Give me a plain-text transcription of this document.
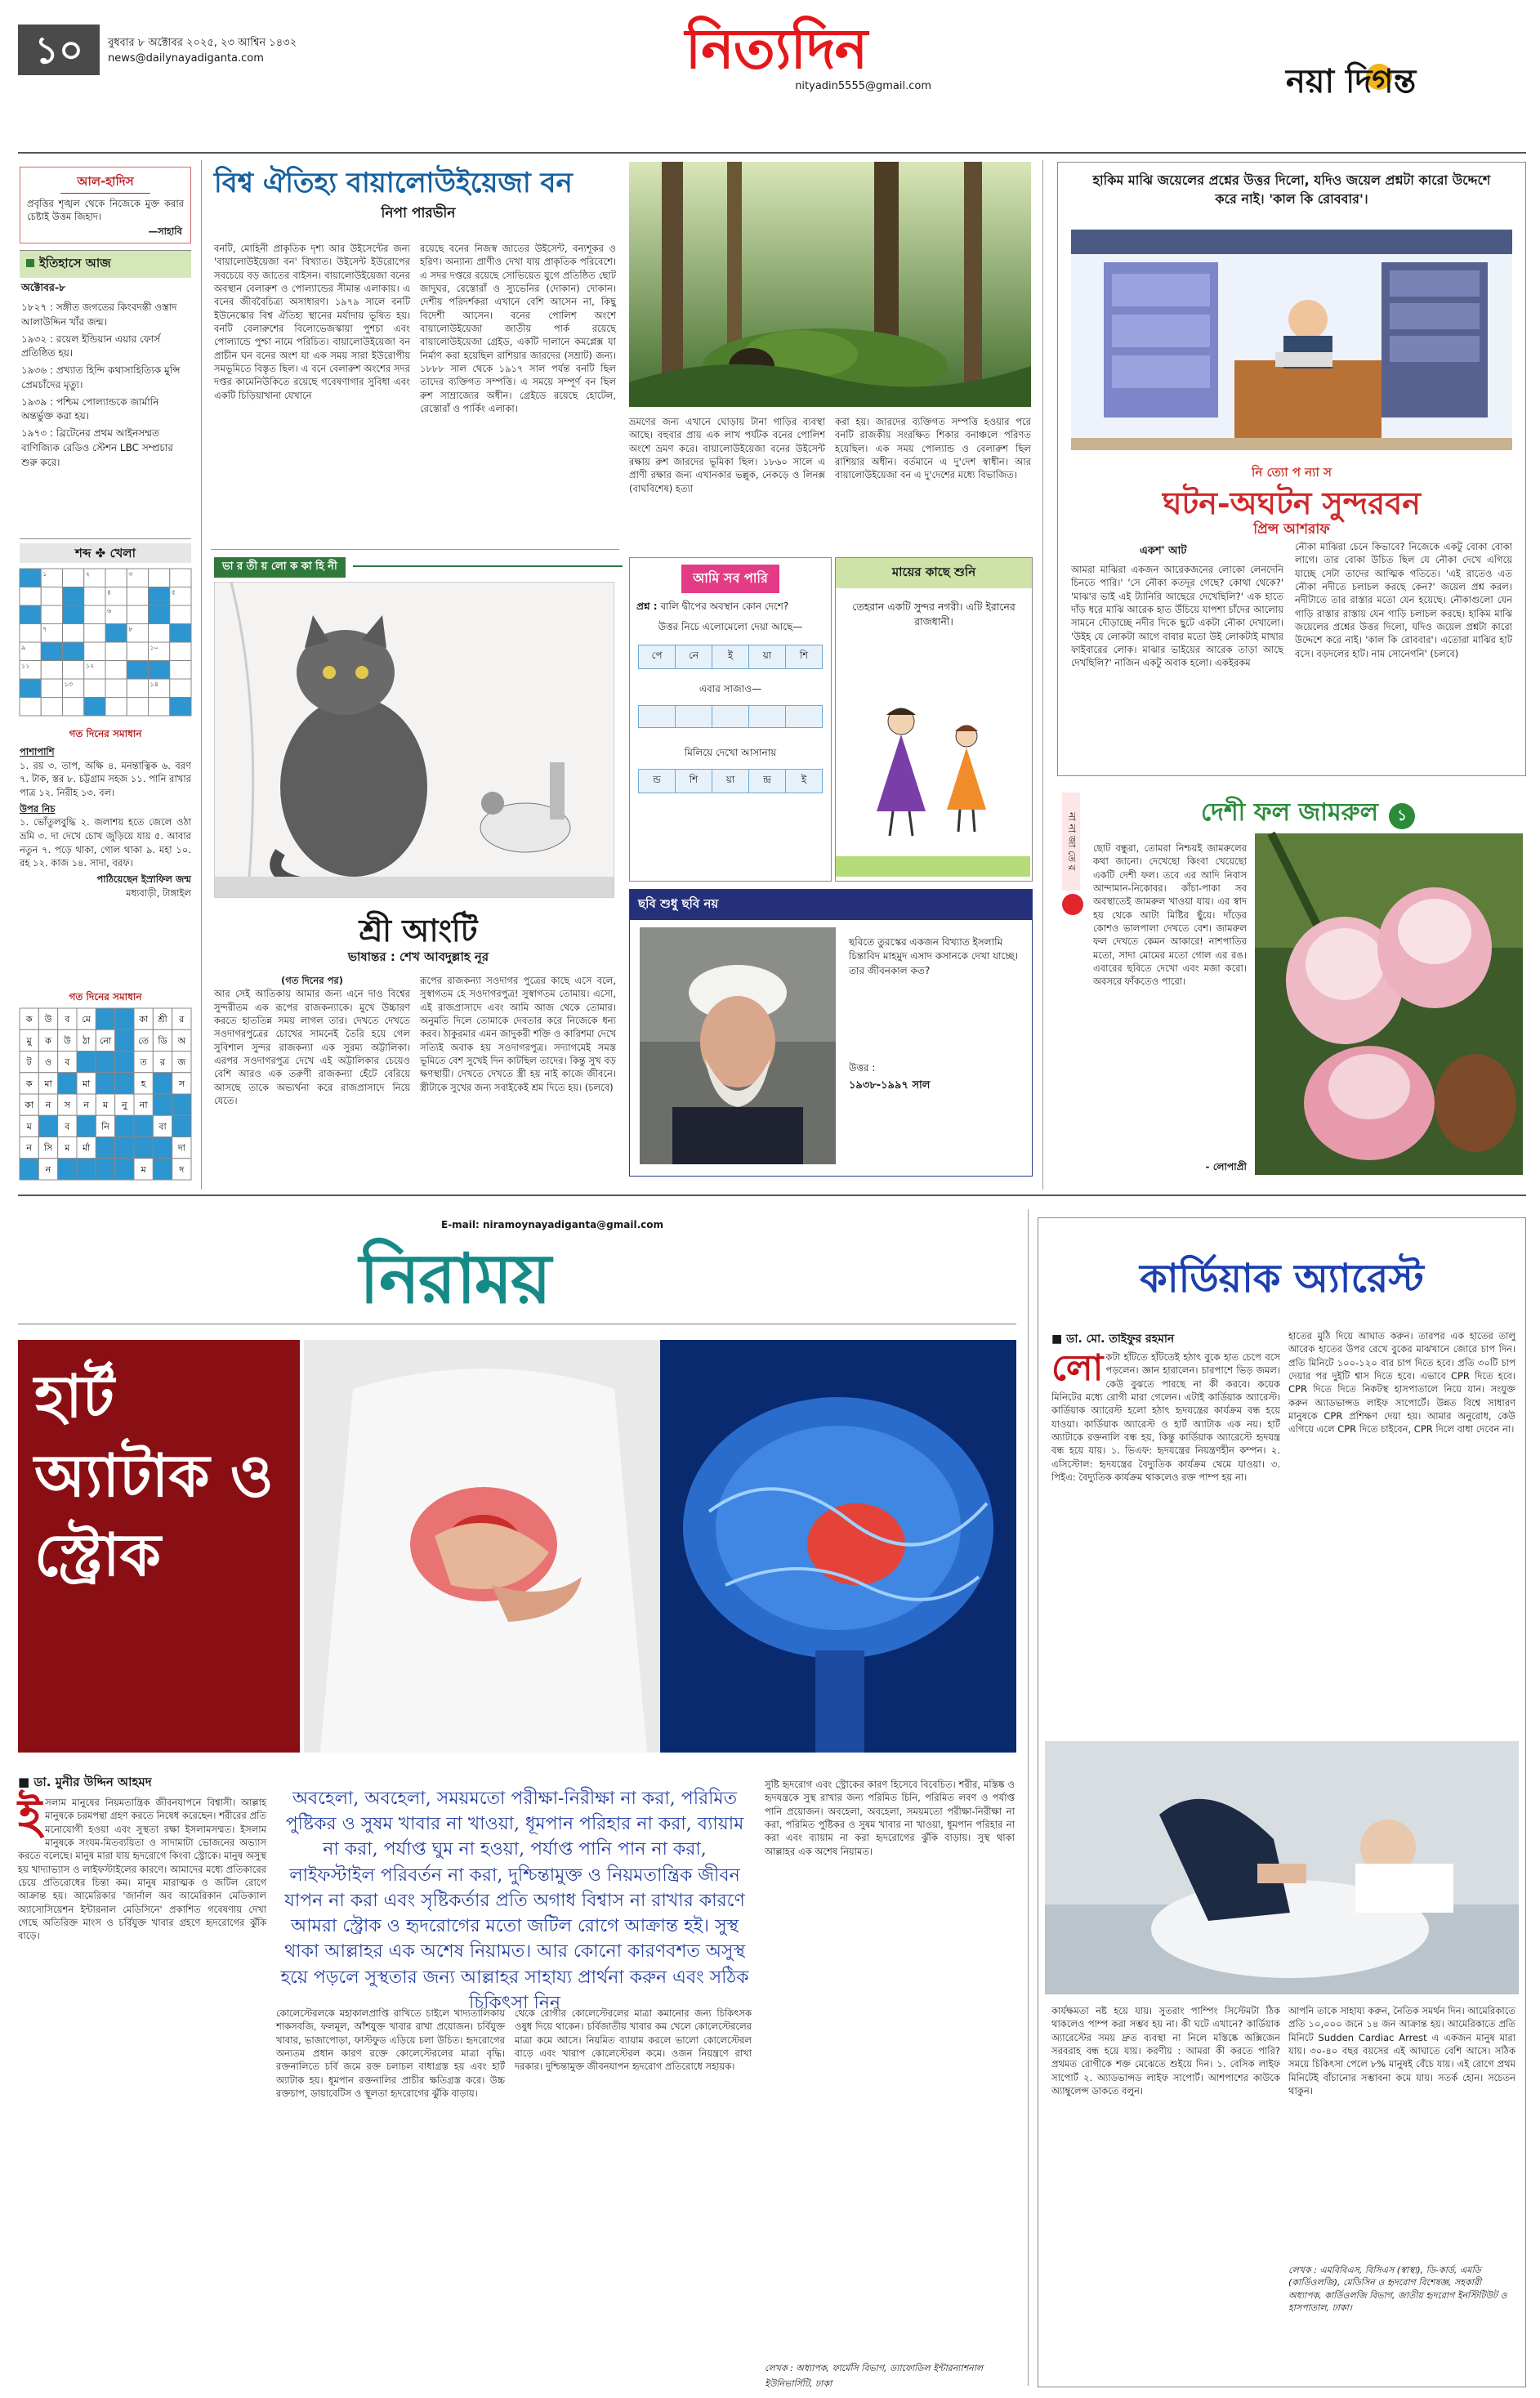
১০	বুধবার ৮ অক্টোবর ২০২৫, ২৩ আশ্বিন ১৪৩২
news@dailynayadiganta.com	নিত্যদিন
nityadin5555@gmail.com	নয়া দিগন্ত
আল-হাদিস
প্রবৃত্তির শৃঙ্খল থেকে নিজেকে মুক্ত করার চেষ্টাই উত্তম জিহাদ।
—সাহাবি
ইতিহাসে আজ
অক্টোবর-৮
১৮২৭ : সঙ্গীত জগতের কিংবদন্তী ওস্তাদ আলাউদ্দিন খাঁর জন্ম।
১৯৩২ : রয়েল ইন্ডিয়ান এয়ার ফোর্স প্রতিষ্ঠিত হয়।
১৯৩৬ : প্রখ্যাত হিন্দি কথাসাহিত্যিক মুন্সি প্রেমচাঁদের মৃত্যু।
১৯৩৯ : পশ্চিম পোল্যান্ডকে জার্মানি অন্তর্ভুক্ত করা হয়।
১৯৭৩ : ব্রিটেনের প্রথম আইনসম্মত বাণিজ্যিক রেডিও স্টেশন LBC সম্প্রচার শুরু করে।
শব্দ ✤ খেলা
১	২	৩
৪	৫
৬
৭	৮
৯	১০
১১	১২
১৩	১৪
গত দিনের সমাধান
পাশাপাশি
১. রয় ৩. তাপ, অক্ষি ৪. মনন্তাত্বিক ৬. বরণ ৭. টাক, স্তর ৮. চট্টগ্রাম সহজ ১১. পানি রাখার পাত্র ১২. নিরীহ ১৩. বল।
উপর নিচ
১. ভোঁতুলবুদ্ধি ২. জলাশয় হতে জেলে ওঠা ভ্রমি ৩. দা দেখে চোখ জুড়িয়ে যায় ৫. আবার নতুন ৭. পড়ে থাকা, গোল থাকা ৯. মহা ১০. রহ ১২. কাজ ১৪. সাদা, বরফ।
পাঠিয়েছেন ইস্রাফিল জন্ম
মধ্যবাড়ী, টাঙ্গাইল
গত দিনের সমাধান
ক উ ব মে	কা শ্রী র
মু ক উ ঠা নো	তে ডি অ
ট ও ব	ত র জ
ক মা	মা	হ	স
কা ন স ন ম নু না
ম	ব	নি	বা
ন সি ম র্মা	দা
ন	ম	দ
বিশ্ব ঐতিহ্য বায়ালোউইয়েজা বন
নিপা পারভীন
বনটি, মোহিনী প্রাকৃতিক দৃশ্য আর উইসেন্টের জন্য 'বায়ালোউইয়েজা বন' বিখ্যাত। উইসেন্ট ইউরোপের সবচেয়ে বড় জাতের বাইসন। বায়ালোউইয়েজা বনের অবস্থান বেলারুশ ও পোল্যান্ডের সীমান্ত এলাকায়। এ বনের জীববৈচিত্র্য অসাধারণ। ১৯৭৯ সালে বনটি ইউনেস্কোর বিশ্ব ঐতিহ্য স্থানের মর্যাদায় ভূষিত হয়। বনটি বেলারুশের বিলোভেজস্কায়া পুশচা এবং পোল্যান্ডে পুশ্চা নামে পরিচিত। বায়ালোউইয়েজা বন প্রাচীন ঘন বনের অংশ যা এক সময় সারা ইউরোপীয় সমভূমিতে বিস্তৃত ছিল। এ বনে বেলারুশ অংশের সদর দপ্তর কামেনিউকিতে রয়েছে গবেষণাগার সুবিধা এবং একটি চিড়িয়াখানা যেখানে
রয়েছে বনের নিজস্ব জাতের উইসেন্ট, বন্যশূকর ও হরিণ। অন্যান্য প্রাণীও দেখা যায় প্রাকৃতিক পরিবেশে। এ সদর দপ্তরে রয়েছে সোভিয়েত যুগে প্রতিষ্ঠিত ছোট জাদুঘর, রেস্তোরাঁ ও স্যুভেনির (দোকান) দোকান। দেশীয় পরিদর্শকরা এখানে বেশি আসেন না, কিছু বিদেশী আসেন। বনের পোলিশ অংশে বায়ালোউইয়েজা জাতীয় পার্ক রয়েছে বায়ালোউইয়েজা গ্রেইড, একটি দালানে কমপ্লেক্স যা নির্মাণ করা হয়েছিল রাশিয়ার জারদের (সম্রাট) জন্য। ১৮৮৮ সাল থেকে ১৯১৭ সাল পর্যন্ত বনটি ছিল তাদের ব্যক্তিগত সম্পত্তি। এ সময়ে সম্পূর্ণ বন ছিল রুশ সাম্রাজ্যের অধীন। গ্রেইডে রয়েছে হোটেল, রেস্তোরাঁ ও পার্কিং এলাকা।
ভ্রমণের জন্য এখানে ঘোড়ায় টানা গাড়ির ব্যবস্থা আছে। বহুবার প্রায় এক লাখ পর্যটক বনের পোলিশ অংশে ভ্রমণ করে। বায়ালোউইয়েজা বনের উইসেন্ট রক্ষায় রুশ জারদের ভূমিকা ছিল। ১৮৬০ সালে এ প্রাণী রক্ষার জন্য এখানকার ভল্লুক, নেকড়ে ও লিনক্স (বাঘবিশেষ) হত্যা
করা হয়। জারদের ব্যক্তিগত সম্পত্তি হওয়ার পরে বনটি রাজকীয় সংরক্ষিত শিকার বনাঞ্চলে পরিণত হয়েছিল। এক সময় পোল্যান্ড ও বেলারুশ ছিল রাশিয়ার অধীন। বর্তমানে এ দু'দেশ স্বাধীন। আর বায়ালোউইয়েজা বন এ দু'দেশের মধ্যে বিভাজিত।
ভা র তী য় লো ক কা হি নী
শ্রী আংটি
ভাষান্তর : শেখ আবদুল্লাহ নূর
(গত দিনের পর)
আর সেই আতিকায় আমার জন্য এনে দাও বিশ্বের সুন্দরীতম এক রূপের রাজকন্যাকে। মুখে উচ্চারণ করতে হাততিন্ন সময় লাগল তার। দেখতে দেখতে সওদাগরপুত্রের চোখের সামনেই তৈরি হয়ে গেল সুবিশাল সুন্দর রাজকন্যা এক সুরম্য অট্টালিকা। এরপর সওদাগরপুত্র দেখে এই অট্টালিকার চেয়েও বেশি আরও এক তরুণী রাজকন্যা হেঁটে বেরিয়ে আসছে তাকে অভ্যর্থনা করে রাজপ্রাসাদে নিয়ে যেতে।
রূপের রাজকন্যা সওদাগর পুত্রের কাছে এসে বলে, সুস্বাগতম হে সওদাগরপুত্র! সুস্বাগতম তোমায়। এসো, এই রাজপ্রাসাদে এবং আমি আজ থেকে তোমার। অনুমতি দিলে তোমাকে দেবতার করে নিজেকে ধন্য করব। ঠাকুরমার এমন জাদুকরী শক্তি ও কারিশমা দেখে সত্যিই অবাক হয় সওদাগরপুত্র। সদ্যাগমেই সমস্ত ভূমিতে বেশ সুখেই দিন কাটছিল তাদের। কিন্তু সুখ বড় ক্ষণস্থায়ী। দেখতে দেখতে স্ত্রী হয় নাই কাজে জীবনে। স্ত্রীটাকে সুখের জন্য সবাইকেই শ্রম দিতে হয়। (চলবে)
আমি সব পারি
প্রশ্ন : বালি দ্বীপের অবস্থান কোন দেশে?
উত্তর নিচে এলোমেলো দেয়া আছে—
পে	নে	ই	য়া	শি
এবার সাজাও—
মিলিয়ে দেখো আসানায়
ন্ড	শি	য়া	ন্দ্র	ই
মায়ের কাছে শুনি
তেহরান একটি সুন্দর নগরী। এটি ইরানের রাজধানী।
ছবি শুধু ছবি নয়
ছবিতে তুরস্কের একজন বিখ্যাত ইসলামি চিন্তাবিদ মাহমুদ এসাদ কসানকে দেখা যাচ্ছে। তার জীবনকাল কত?
উত্তর :
১৯৩৮-১৯৯৭ সাল
হাকিম মাঝি জয়েলের প্রশ্নের উত্তর দিলো, যদিও জয়েল প্রশ্নটা কারো উদ্দেশে করে নাই। 'কাল কি রোববার'।
নি ত্যো প ন্যা স
ঘটন-অঘটন সুন্দরবন
প্রিন্স আশরাফ
একশ' আট
আমরা মাঝিরা একজন আরেকজনের লোকো লেনদেনি চিনতে পারি।' 'সে নৌকা কতদূর গেছে? কোথা থেকে?' 'মাঝ'র ভাই এই ট্যানিরি আছেরে দেখেছিলি?' এক হাতে দাঁড় ধরে মাঝি আরেক হাত উঁচিয়ে যাপশা চাঁদের আলোয় সামনে দৌড়াচ্ছে নদীর দিকে ছুটে একটা নৌকা দেখালো। 'উইহ যে লোকটা আগে বাবার মতো উই লোকটাই মাখার ফাইবারের লোক। মাঝার ভাইয়ের আরেক তাড়া আছে দেখছিলি?' নাজিন একটু অবাক হলো। একইরকম
নৌকা মাঝিরা চেনে কিভাবে? নিজেকে একটু বোকা বোকা লাগে। তার বোকা উচিত ছিল যে নৌকা দেখে এগিয়ে যাচ্ছে সেটা তাদের আত্মিক গতিতে। 'এই রাতেও এত নৌকা নদীতে চলাচল করছে কেন?' জয়েল প্রশ্ন করল। নদীটাতে তার রাস্তার মতো যেন হয়েছে। নৌকাগুলো যেন গাড়ি রাস্তার রাস্তায় যেন গাড়ি চলাচল করছে। হাকিম মাঝি জয়েলের প্রশ্নের উত্তর দিলো, যদিও জয়েল প্রশ্নটা কারো উদ্দেশে করে নাই। 'কাল কি রোববার'। এতোরা মাঝির হাট বসে। বড়দলের হাট। নাম সোনেগনি' (চলবে)
না না জা তে র	দেশী ফল জামরুল ১
ছোট বন্ধুরা, তোমরা নিশ্চয়ই জামরুলের কথা জানো। দেখেছো কিংবা খেয়েছো একটি দেশী ফল। তবে এর আদি নিবাস আন্দামান-নিকোবর। কাঁচা-পাকা সব অবস্থাতেই জামরুল খাওয়া যায়। এর স্বাদ হয় থেকে আটা মিষ্টির ছুঁয়ে। দাঁড়ের কোশও ভালপালা দেখতে বেশ। জামরুল ফল দেখতে কেমন আকারে! নাশপাতির মতো, সাদা মোমের মতো গোল এর রঙ। এবারের ছবিতে দেখো এবং মজা করো। অবসরে ফাঁকতেও পারো।
- লোপাপ্রী
E-mail: niramoynayadiganta@gmail.com
নিরাময়
হার্ট অ্যাটাক ও স্ট্রোক
■ ডা. মুনীর উদ্দিন আহমদ
অবহেলা, অবহেলা, সময়মতো পরীক্ষা-নিরীক্ষা না করা, পরিমিত পুষ্টিকর ও সুষম খাবার না খাওয়া, ধূমপান পরিহার না করা, ব্যায়াম না করা, পর্যাপ্ত ঘুম না হওয়া, পর্যাপ্ত পানি পান না করা, লাইফস্টাইল পরিবর্তন না করা, দুশ্চিন্তামুক্ত ও নিয়মতান্ত্রিক জীবন যাপন না করা এবং সৃষ্টিকর্তার প্রতি অগাধ বিশ্বাস না রাখার কারণে আমরা স্ট্রোক ও হৃদরোগের মতো জটিল রোগে আক্রান্ত হই। সুস্থ থাকা আল্লাহর এক অশেষ নিয়ামত। আর কোনো কারণবশত অসুস্থ হয়ে পড়লে সুস্থতার জন্য আল্লাহর সাহায্য প্রার্থনা করুন এবং সঠিক চিকিৎসা নিন
ই সলাম মানুষের নিয়মতান্ত্রিক জীবনযাপনে বিশ্বাসী। আল্লাহ মানুষকে চরমপন্থা গ্রহণ করতে নিষেধ করেছেন। শরীরের প্রতি মনোযোগী হওয়া এবং সুস্থতা রক্ষা ইসলামসম্মত। ইসলাম মানুষকে সংযম-মিতব্যয়িতা ও সাদামাটা ভোজনের অভ্যাস করতে বলেছে। মানুষ মারা যায় হৃদরোগে কিংবা স্ট্রোকে। মানুষ অসুস্থ হয় খাদ্যাভ্যাস ও লাইফস্টাইলের কারণে। আমাদের মধ্যে প্রতিকারের চেয়ে প্রতিরোধের চিন্তা কম। মানুষ মারাত্মক ও জটিল রোগে আক্রান্ত হয়। আমেরিকার 'জার্নাল অব আমেরিকান মেডিক্যাল অ্যাসোসিয়েশন ইন্টারনাল মেডিসিনে' প্রকাশিত গবেষণায় দেখা গেছে অতিরিক্ত মাংস ও চর্বিযুক্ত খাবার গ্রহণে হৃদরোগের ঝুঁকি বাড়ে।
কোলেস্টেরলকে মহাকালপ্রাপ্তি রাখিতে চাইলে খাদ্যতালিকায় শাকসবজি, ফলমূল, আঁশযুক্ত খাবার রাখা প্রয়োজন। চর্বিযুক্ত খাবার, ভাজাপোড়া, ফাস্টফুড এড়িয়ে চলা উচিত। হৃদরোগের অন্যতম প্রধান কারণ রক্তে কোলেস্টেরলের মাত্রা বৃদ্ধি। রক্তনালিতে চর্বি জমে রক্ত চলাচল বাধাগ্রস্ত হয় এবং হার্ট অ্যাটাক হয়। ধূমপান রক্তনালির প্রাচীর ক্ষতিগ্রস্ত করে। উচ্চ রক্তচাপ, ডায়াবেটিস ও স্থূলতা হৃদরোগের ঝুঁকি বাড়ায়।
থেকে রোগীর কোলেস্টেরলের মাত্রা কমানোর জন্য চিকিৎসক ওষুধ দিয়ে থাকেন। চর্বিজাতীয় খাবার কম খেলে কোলেস্টেরলের মাত্রা কমে আসে। নিয়মিত ব্যায়াম করলে ভালো কোলেস্টেরল বাড়ে এবং খারাপ কোলেস্টেরল কমে। ওজন নিয়ন্ত্রণে রাখা দরকার। দুশ্চিন্তামুক্ত জীবনযাপন হৃদরোগ প্রতিরোধে সহায়ক।
সুষ্টি হৃদরোগ এবং স্ট্রোকের কারণ হিসেবে বিবেচিত। শরীর, মস্তিষ্ক ও হৃদযন্ত্রকে সুস্থ রাখার জন্য পরিমিত চিনি, পরিমিত লবণ ও পর্যাপ্ত পানি প্রয়োজন। অবহেলা, অবহেলা, সময়মতো পরীক্ষা-নিরীক্ষা না করা, পরিমিত পুষ্টিকর ও সুষম খাবার না খাওয়া, ধূমপান পরিহার না করা এবং ব্যায়াম না করা হৃদরোগের ঝুঁকি বাড়ায়। সুস্থ থাকা আল্লাহর এক অশেষ নিয়ামত।
লেখক : অধ্যাপক, ফার্মেসি বিভাগ, ড্যাফোডিল ইন্টারন্যাশনাল ইউনিভার্সিটি, ঢাকা
কার্ডিয়াক অ্যারেস্ট
■ ডা. মো. তাইফুর রহমান
লো কটা হাঁটতে হাঁটতেই হঠাৎ বুকে হাত চেপে বসে পড়লেন। জ্ঞান হারালেন। চারপাশে ভিড় জমল। কেউ বুঝতে পারছে না কী করবে। কয়েক মিনিটের মধ্যে রোগী মারা গেলেন। এটাই কার্ডিয়াক অ্যারেস্ট। কার্ডিয়াক অ্যারেস্ট হলো হঠাৎ হৃদযন্ত্রের কার্যক্রম বন্ধ হয়ে যাওয়া। কার্ডিয়াক অ্যারেস্ট ও হার্ট অ্যাটাক এক নয়। হার্ট অ্যাটাকে রক্তনালি বন্ধ হয়, কিন্তু কার্ডিয়াক অ্যারেস্টে হৃদযন্ত্র বন্ধ হয়ে যায়। ১. ভিএফ: হৃদযন্ত্রের নিয়ন্ত্রণহীন কম্পন। ২. এসিস্টোল: হৃদযন্ত্রের বৈদ্যুতিক কার্যক্রম থেমে যাওয়া। ৩. পিইএ: বৈদ্যুতিক কার্যক্রম থাকলেও রক্ত পাম্প হয় না।
হাতের মুঠি দিয়ে আঘাত করুন। তারপর এক হাতের তালু আরেক হাতের উপর রেখে বুকের মাঝখানে জোরে চাপ দিন। প্রতি মিনিটে ১০০-১২০ বার চাপ দিতে হবে। প্রতি ৩০টি চাপ দেয়ার পর দুইটি শ্বাস দিতে হবে। এভাবে CPR দিতে হবে। CPR দিতে দিতে নিকটস্থ হাসপাতালে নিয়ে যান। সংযুক্ত করুন অ্যাডভান্সড লাইফ সাপোর্টে। উন্নত বিশ্বে সাধারণ মানুষকে CPR প্রশিক্ষণ দেয়া হয়। আমার অনুরোধ, কেউ এগিয়ে এলে CPR দিতে চাইবেন, CPR দিলে বাধা দেবেন না।
কার্যক্ষমতা নষ্ট হয়ে যায়। সুতরাং পাম্পিং সিস্টেমটা ঠিক থাকলেও পাম্প করা সম্ভব হয় না। কী ঘটে এখানে? কার্ডিয়াক অ্যারেস্টের সময় দ্রুত ব্যবস্থা না নিলে মস্তিষ্কে অক্সিজেন সরবরাহ বন্ধ হয়ে যায়। করণীয় : আমরা কী করতে পারি? প্রথমত রোগীকে শক্ত মেঝেতে শুইয়ে দিন। ১. বেসিক লাইফ সাপোর্ট ২. অ্যাডভান্সড লাইফ সাপোর্ট। আশপাশের কাউকে অ্যাম্বুলেন্স ডাকতে বলুন।
আপনি তাকে সাহায্য করুন, নৈতিক সমর্থন দিন। আমেরিকাতে প্রতি ১০,০০০ জনে ১৪ জন আক্রান্ত হয়। আমেরিকাতে প্রতি মিনিটে Sudden Cardiac Arrest এ একজন মানুষ মারা যায়। ৩০-৪০ বছর বয়সের এই আঘাতে বেশি আসে। সঠিক সময়ে চিকিৎসা পেলে ৮% মানুষই বেঁচে যায়। এই রোগে প্রথম মিনিটেই বাঁচানোর সম্ভাবনা কমে যায়। সতর্ক হোন। সচেতন থাকুন।
লেখক : এমবিবিএস, বিসিএস (স্বাস্থ্য), ডি-কার্ড, এমডি (কার্ডিওলজি), মেডিসিন ও হৃদরোগ বিশেষজ্ঞ, সহকারী অধ্যাপক, কার্ডিওলজি বিভাগ, জাতীয় হৃদরোগ ইনস্টিটিউট ও হাসপাতাল, ঢাকা।
